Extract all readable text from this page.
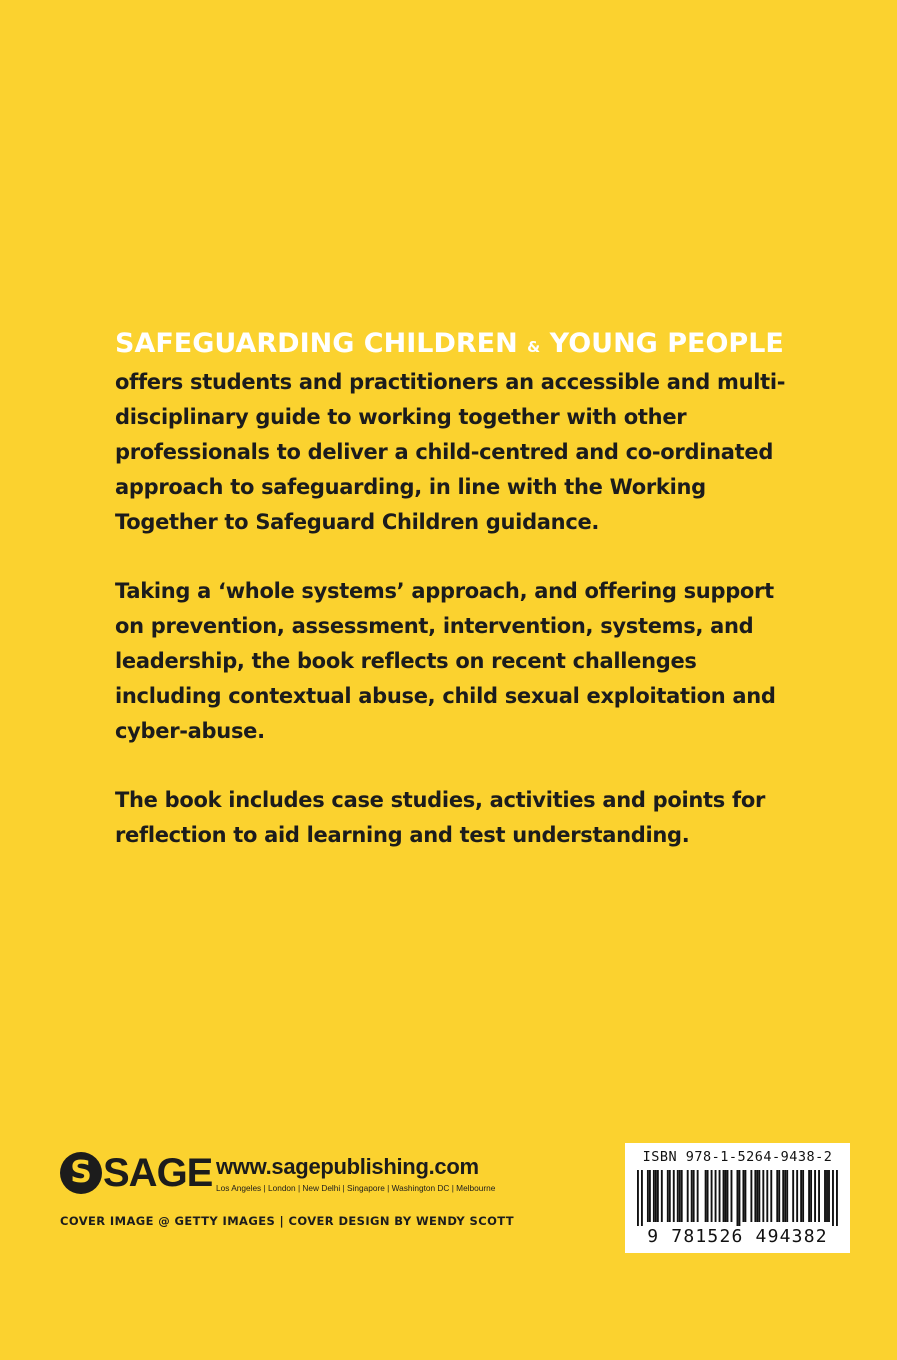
SAFEGUARDING CHILDREN & YOUNG PEOPLE offers students and practitioners an accessible and multi-disciplinary guide to working together with other professionals to deliver a child-centred and co-ordinated approach to safeguarding, in line with the Working Together to Safeguard Children guidance.

Taking a ‘whole systems’ approach, and offering support on prevention, assessment, intervention, systems, and leadership, the book reflects on recent challenges including contextual abuse, child sexual exploitation and cyber-abuse.

The book includes case studies, activities and points for reflection to aid learning and test understanding.

S SAGE www.sagepublishing.com
Los Angeles | London | New Delhi | Singapore | Washington DC | Melbourne
COVER IMAGE @ GETTY IMAGES | COVER DESIGN BY WENDY SCOTT
ISBN 978-1-5264-9438-2
9 781526 494382
